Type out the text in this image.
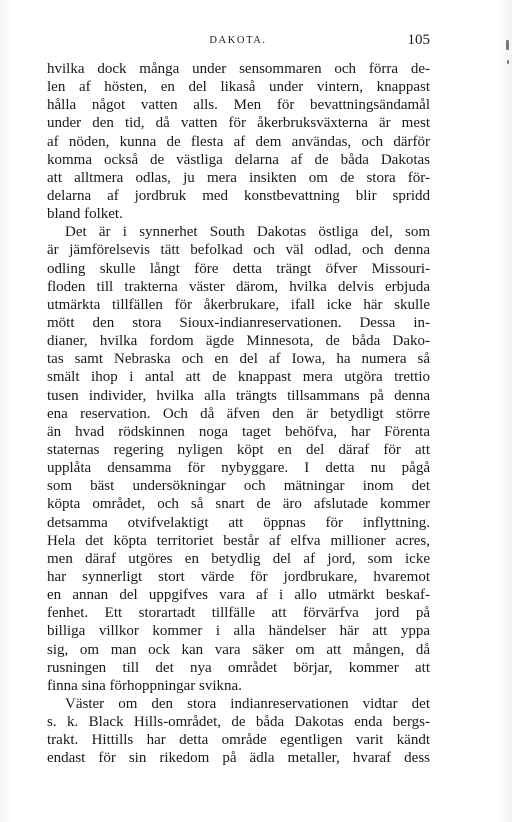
DAKOTA.	105
hvilka dock många under sensommaren och förra de-
len af hösten, en del likaså under vintern, knappast
hålla något vatten alls. Men för bevattningsändamål
under den tid, då vatten för åkerbruksväxterna är mest
af nöden, kunna de flesta af dem användas, och därför
komma också de västliga delarna af de båda Dakotas
att alltmera odlas, ju mera insikten om de stora för-
delarna af jordbruk med konstbevattning blir spridd
bland folket.
Det är i synnerhet South Dakotas östliga del, som
är jämförelsevis tätt befolkad och väl odlad, och denna
odling skulle långt före detta trängt öfver Missouri-
floden till trakterna väster därom, hvilka delvis erbjuda
utmärkta tillfällen för åkerbrukare, ifall icke här skulle
mött den stora Sioux-indianreservationen. Dessa in-
dianer, hvilka fordom ägde Minnesota, de båda Dako-
tas samt Nebraska och en del af Iowa, ha numera så
smält ihop i antal att de knappast mera utgöra trettio
tusen individer, hvilka alla trängts tillsammans på denna
ena reservation. Och då äfven den är betydligt större
än hvad rödskinnen noga taget behöfva, har Förenta
staternas regering nyligen köpt en del däraf för att
upplåta densamma för nybyggare. I detta nu pågå
som bäst undersökningar och mätningar inom det
köpta området, och så snart de äro afslutade kommer
detsamma otvifvelaktigt att öppnas för inflyttning.
Hela det köpta territoriet består af elfva millioner acres,
men däraf utgöres en betydlig del af jord, som icke
har synnerligt stort värde för jordbrukare, hvaremot
en annan del uppgifves vara af i allo utmärkt beskaf-
fenhet. Ett storartadt tillfälle att förvärfva jord på
billiga villkor kommer i alla händelser här att yppa
sig, om man ock kan vara säker om att mången, då
rusningen till det nya området börjar, kommer att
finna sina förhoppningar svikna.
Väster om den stora indianreservationen vidtar det
s. k. Black Hills-området, de båda Dakotas enda bergs-
trakt. Hittills har detta område egentligen varit kändt
endast för sin rikedom på ädla metaller, hvaraf dess
